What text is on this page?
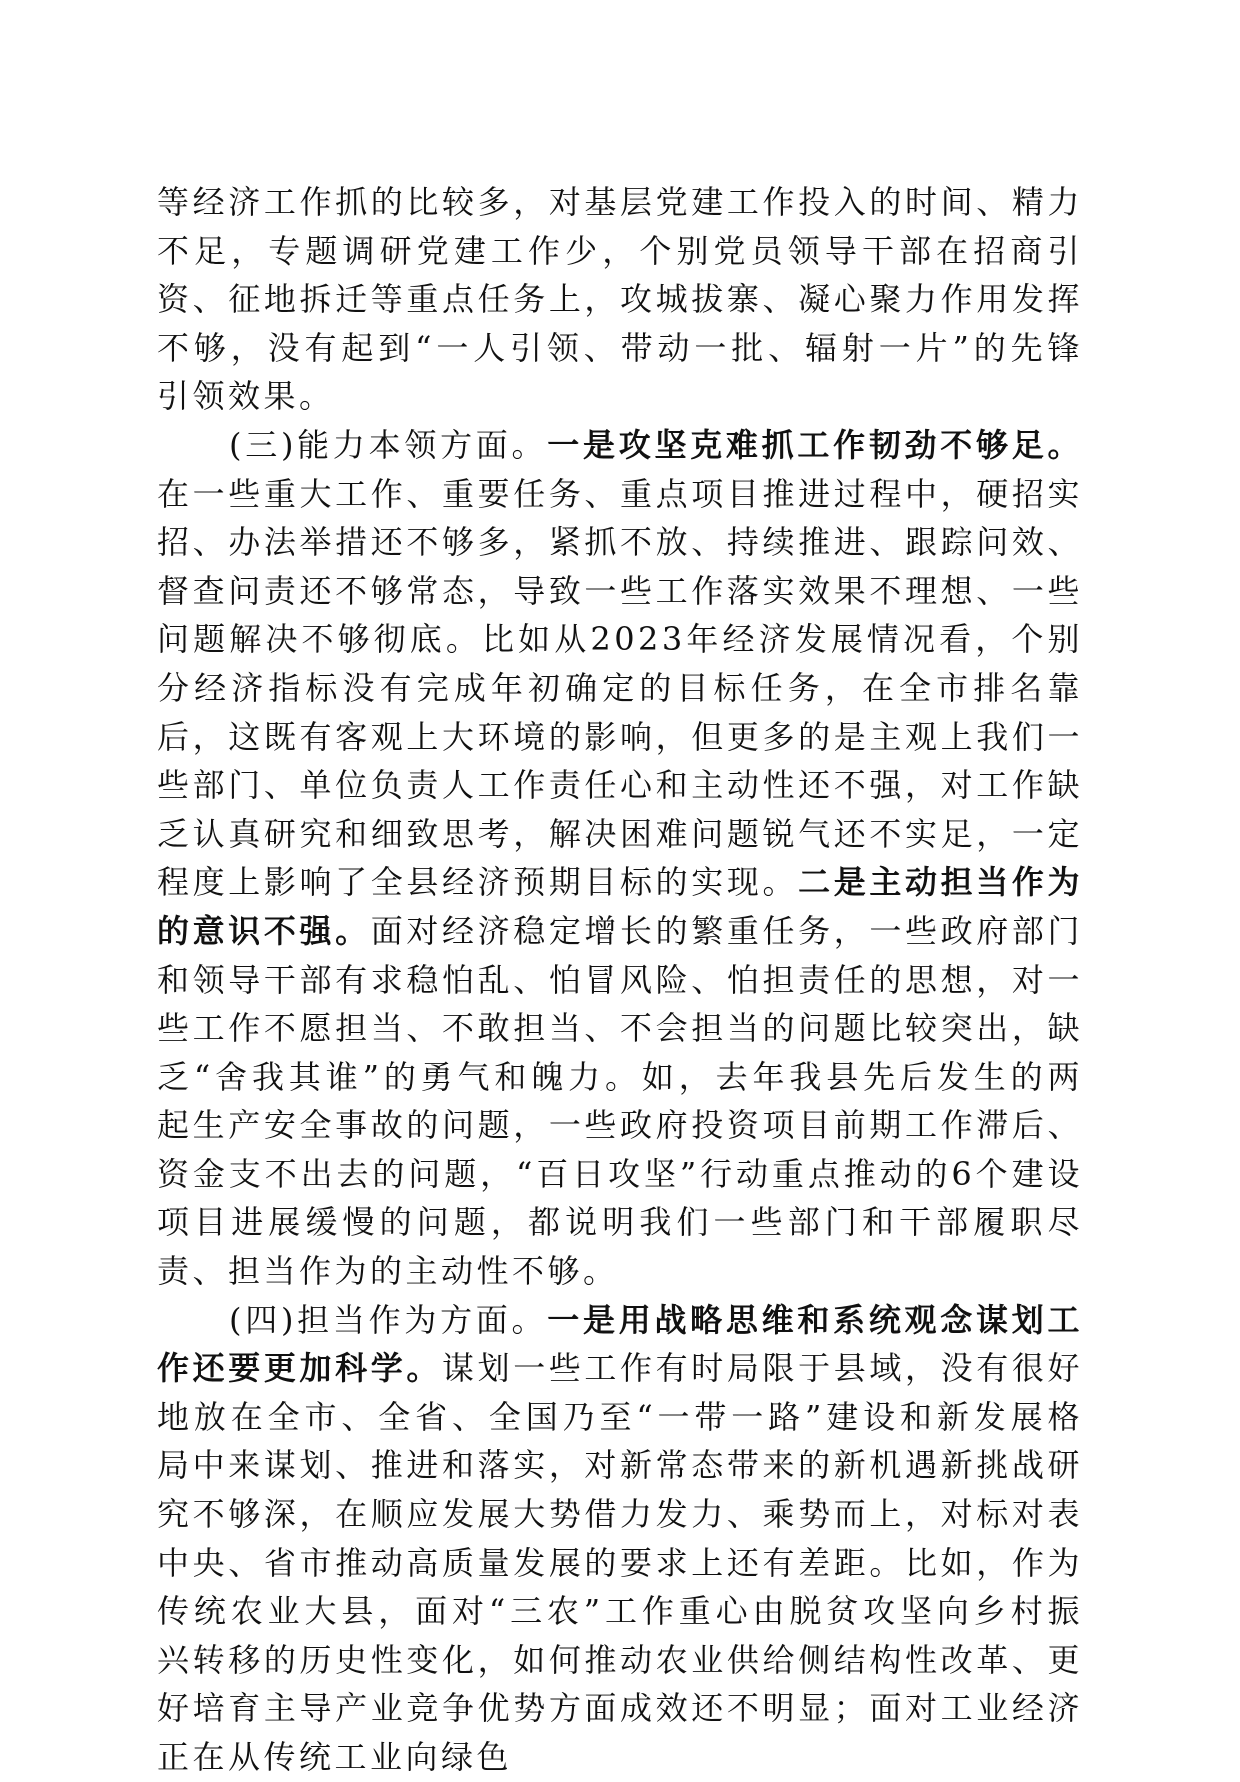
等经济工作抓的比较多，对基层党建工作投入的时间、精力不足，专题调研党建工作少，个别党员领导干部在招商引资、征地拆迁等重点任务上，攻城拔寨、凝心聚力作用发挥不够，没有起到“一人引领、带动一批、辐射一片”的先锋引领效果。

(三)能力本领方面。一是攻坚克难抓工作韧劲不够足。在一些重大工作、重要任务、重点项目推进过程中，硬招实招、办法举措还不够多，紧抓不放、持续推进、跟踪问效、督查问责还不够常态，导致一些工作落实效果不理想、一些问题解决不够彻底。比如从2023年经济发展情况看，个别分经济指标没有完成年初确定的目标任务，在全市排名靠后，这既有客观上大环境的影响，但更多的是主观上我们一些部门、单位负责人工作责任心和主动性还不强，对工作缺乏认真研究和细致思考，解决困难问题锐气还不实足，一定程度上影响了全县经济预期目标的实现。二是主动担当作为的意识不强。面对经济稳定增长的繁重任务，一些政府部门和领导干部有求稳怕乱、怕冒风险、怕担责任的思想，对一些工作不愿担当、不敢担当、不会担当的问题比较突出，缺乏“舍我其谁”的勇气和魄力。如，去年我县先后发生的两起生产安全事故的问题，一些政府投资项目前期工作滞后、资金支不出去的问题，“百日攻坚”行动重点推动的6个建设项目进展缓慢的问题，都说明我们一些部门和干部履职尽责、担当作为的主动性不够。

(四)担当作为方面。一是用战略思维和系统观念谋划工作还要更加科学。谋划一些工作有时局限于县域，没有很好地放在全市、全省、全国乃至“一带一路”建设和新发展格局中来谋划、推进和落实，对新常态带来的新机遇新挑战研究不够深，在顺应发展大势借力发力、乘势而上，对标对表中央、省市推动高质量发展的要求上还有差距。比如，作为传统农业大县，面对“三农”工作重心由脱贫攻坚向乡村振兴转移的历史性变化，如何推动农业供给侧结构性改革、更好培育主导产业竞争优势方面成效还不明显；面对工业经济正在从传统工业向绿色
